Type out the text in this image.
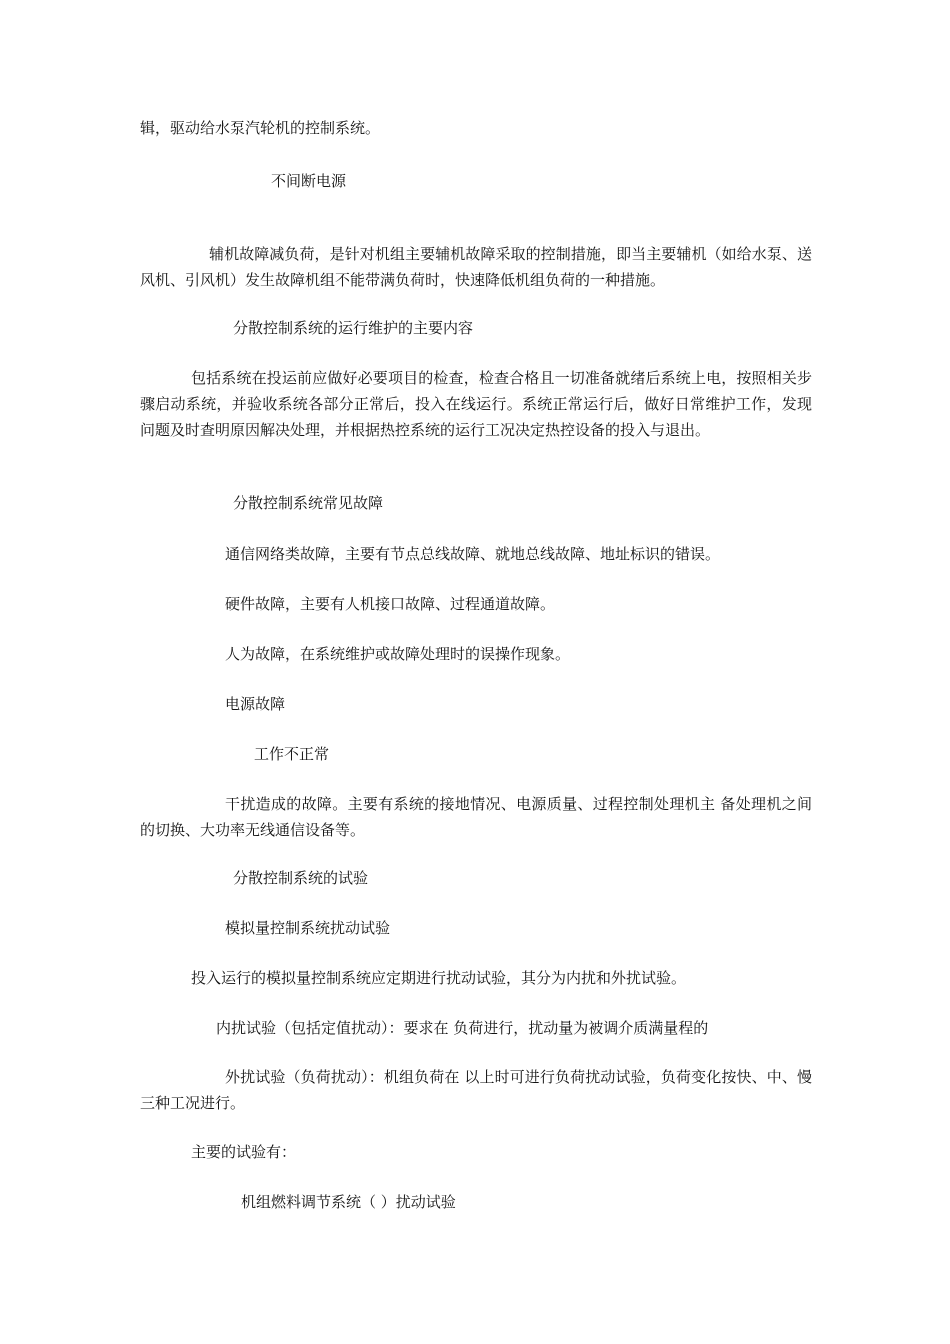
辑，驱动给水泵汽轮机的控制系统。

不间断电源

辅机故障减负荷，是针对机组主要辅机故障采取的控制措施，即当主要辅机（如给水泵、送风机、引风机）发生故障机组不能带满负荷时，快速降低机组负荷的一种措施。

分散控制系统的运行维护的主要内容

包括系统在投运前应做好必要项目的检查，检查合格且一切准备就绪后系统上电，按照相关步骤启动系统，并验收系统各部分正常后，投入在线运行。系统正常运行后，做好日常维护工作，发现问题及时查明原因解决处理，并根据热控系统的运行工况决定热控设备的投入与退出。

分散控制系统常见故障

通信网络类故障，主要有节点总线故障、就地总线故障、地址标识的错误。

硬件故障，主要有人机接口故障、过程通道故障。

人为故障，在系统维护或故障处理时的误操作现象。

电源故障

工作不正常

干扰造成的故障。主要有系统的接地情况、电源质量、过程控制处理机主 备处理机之间的切换、大功率无线通信设备等。

分散控制系统的试验

模拟量控制系统扰动试验

投入运行的模拟量控制系统应定期进行扰动试验，其分为内扰和外扰试验。

内扰试验（包括定值扰动）：要求在 负荷进行，扰动量为被调介质满量程的

外扰试验（负荷扰动）：机组负荷在 以上时可进行负荷扰动试验，负荷变化按快、中、慢三种工况进行。

主要的试验有：

机组燃料调节系统（ ）扰动试验
